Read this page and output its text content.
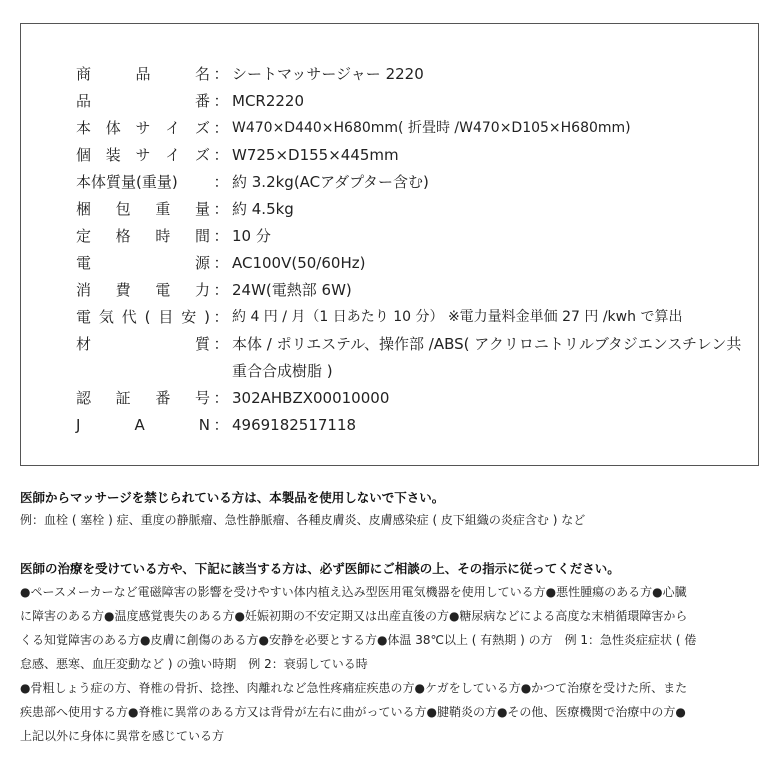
商	品	名 ： シートマッサージャー 2220
品	番 ： MCR2220
本 体 サ イ ズ ： W470×D440×H680mm( 折畳時 /W470×D105×H680mm)
個 装 サ イ ズ ： W725×D155×445mm
本体質量(重量) ： 約 3.2kg(ACアダプター含む)
梱 包 重 量 ： 約 4.5kg
定 格 時 間 ： 10 分
電	源 ： AC100V(50/60Hz)
消 費 電 力 ： 24W(電熱部 6W)
電 気 代 ( 目 安 ) ： 約 4 円 / 月（1 日あたり 10 分） ※電力量料金単価 27 円 /kwh で算出
材	質 ： 本体 / ポリエステル、操作部 /ABS( アクリロニトリルブタジエンスチレン共重合合成樹脂 )
認 証 番 号 ： 302AHBZX00010000
J	A	N ： 4969182517118
医師からマッサージを禁じられている方は、本製品を使用しないで下さい。
例：血栓 ( 塞栓 ) 症、重度の静脈瘤、急性静脈瘤、各種皮膚炎、皮膚感染症 ( 皮下組織の炎症含む ) など
医師の治療を受けている方や、下記に該当する方は、必ず医師にご相談の上、その指示に従ってください。
●ペースメーカーなど電磁障害の影響を受けやすい体内植え込み型医用電気機器を使用している方●悪性腫瘍のある方●心臓
に障害のある方●温度感覚喪失のある方●妊娠初期の不安定期又は出産直後の方●糖尿病などによる高度な末梢循環障害から
くる知覚障害のある方●皮膚に創傷のある方●安静を必要とする方●体温 38℃以上 ( 有熱期 ) の方　例 1：急性炎症症状 ( 倦
怠感、悪寒、血圧変動など ) の強い時期　例 2：衰弱している時
●骨粗しょう症の方、脊椎の骨折、捻挫、肉離れなど急性疼痛症疾患の方●ケガをしている方●かつて治療を受けた所、また
疾患部へ使用する方●脊椎に異常のある方又は背骨が左右に曲がっている方●腱鞘炎の方●その他、医療機関で治療中の方●
上記以外に身体に異常を感じている方
